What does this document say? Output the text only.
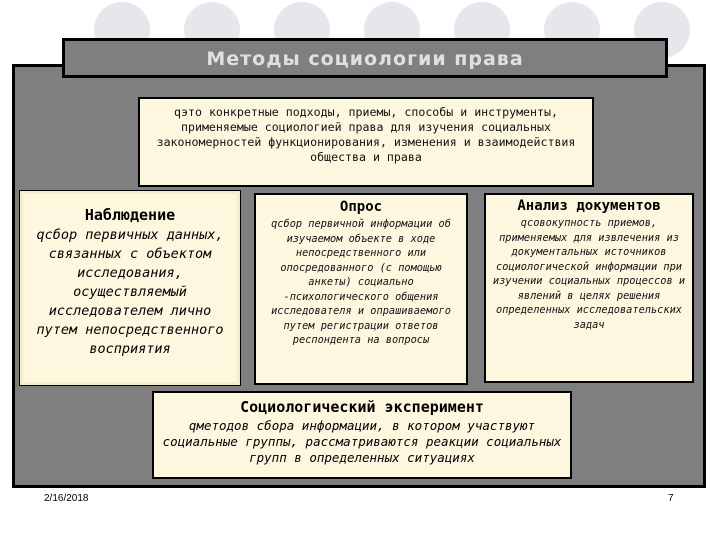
Методы социологии права
qэто конкретные подходы, приемы, способы и инструменты, применяемые социологией права для изучения социальных закономерностей функционирования, изменения и взаимодействия общества и права
Наблюдение
qсбор первичных данных, связанных с объектом исследования, осуществляемый исследователем лично путем непосредственного восприятия
Опрос
qсбор первичной информации об изучаемом объекте в ходе непосредственного или опосредованного (с помощью анкеты) социально -психологического общения исследователя и опрашиваемого путем регистрации ответов респондента на вопросы
Анализ документов
qсовокупность приемов, применяемых для извлечения из документальных источников социологической информации при изучении социальных процессов и явлений в целях решения определенных исследовательских задач
Социологический эксперимент
qметодов сбора информации, в котором участвуют социальные группы, рассматриваются реакции социальных групп в определенных ситуациях
2/16/2018	7
